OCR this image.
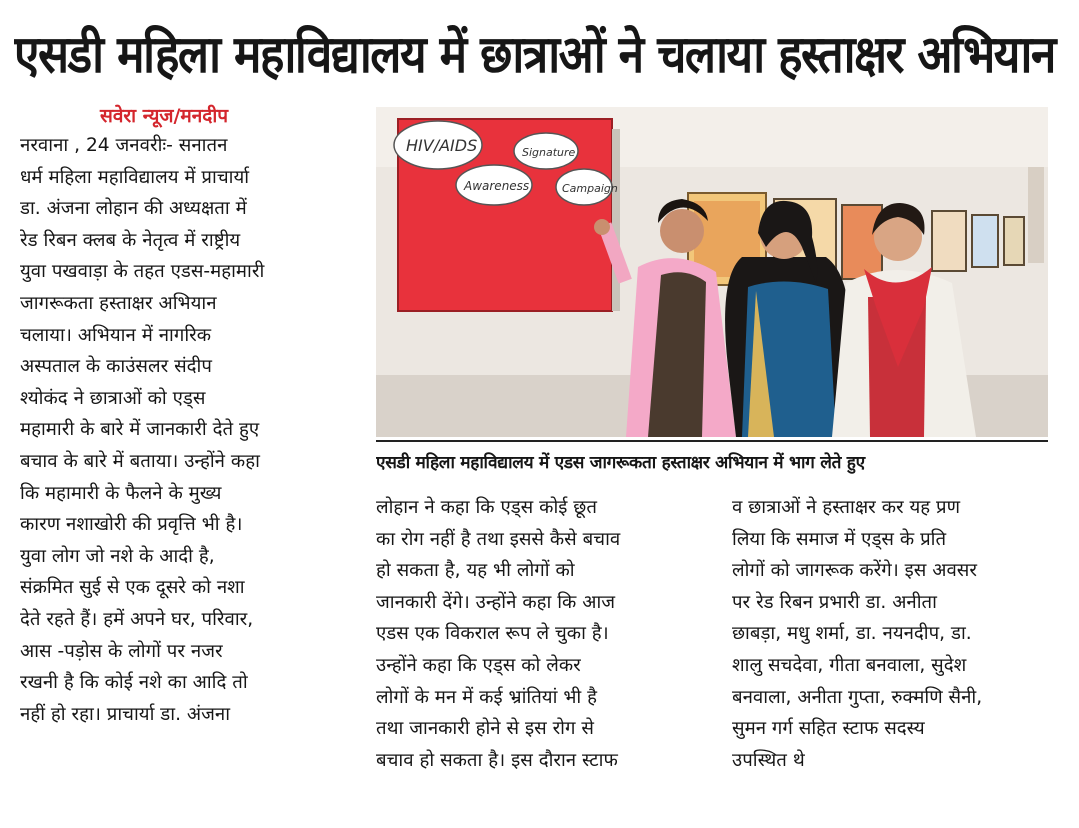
एसडी महिला महाविद्यालय में छात्राओं ने चलाया हस्ताक्षर अभियान
सवेरा न्यूज/मनदीप
नरवाना , 24 जनवरीः- सनातन
धर्म महिला महाविद्यालय में प्राचार्या
डा. अंजना लोहान की अध्यक्षता में
रेड रिबन क्लब के नेतृत्व में राष्ट्रीय
युवा पखवाड़ा के तहत एडस-महामारी
जागरूकता हस्ताक्षर अभियान
चलाया। अभियान में नागरिक
अस्पताल के काउंसलर संदीप
श्योकंद ने छात्राओं को एड्स
महामारी के बारे में जानकारी देते हुए
बचाव के बारे में बताया। उन्होंने कहा
कि महामारी के फैलने के मुख्य
कारण नशाखोरी की प्रवृत्ति भी है।
युवा लोग जो नशे के आदी है,
संक्रमित सुई से एक दूसरे को नशा
देते रहते हैं। हमें अपने घर, परिवार,
आस -पड़ोस के लोगों पर नजर
रखनी है कि कोई नशे का आदि तो
नहीं हो रहा। प्राचार्या डा. अंजना
लोहान ने कहा कि एड्स कोई छूत
का रोग नहीं है तथा इससे कैसे बचाव
हो सकता है, यह भी लोगों को
जानकारी देंगे। उन्होंने कहा कि आज
एडस एक विकराल रूप ले चुका है।
उन्होंने कहा कि एड्स को लेकर
लोगों के मन में कई भ्रांतियां भी है
तथा जानकारी होने से इस रोग से
बचाव हो सकता है। इस दौरान स्टाफ
व छात्राओं ने हस्ताक्षर कर यह प्रण
लिया कि समाज में एड्स के प्रति
लोगों को जागरूक करेंगे। इस अवसर
पर रेड रिबन प्रभारी डा. अनीता
छाबड़ा, मधु शर्मा, डा. नयनदीप, डा.
शालु सचदेवा, गीता बनवाला, सुदेश
बनवाला, अनीता गुप्ता, रुक्मणि सैनी,
सुमन गर्ग सहित स्टाफ सदस्य
उपस्थित थे
HIV/AIDS	Signature
Awareness	Campaign
एसडी महिला महाविद्यालय में एडस जागरूकता हस्ताक्षर अभियान में भाग लेते हुए
